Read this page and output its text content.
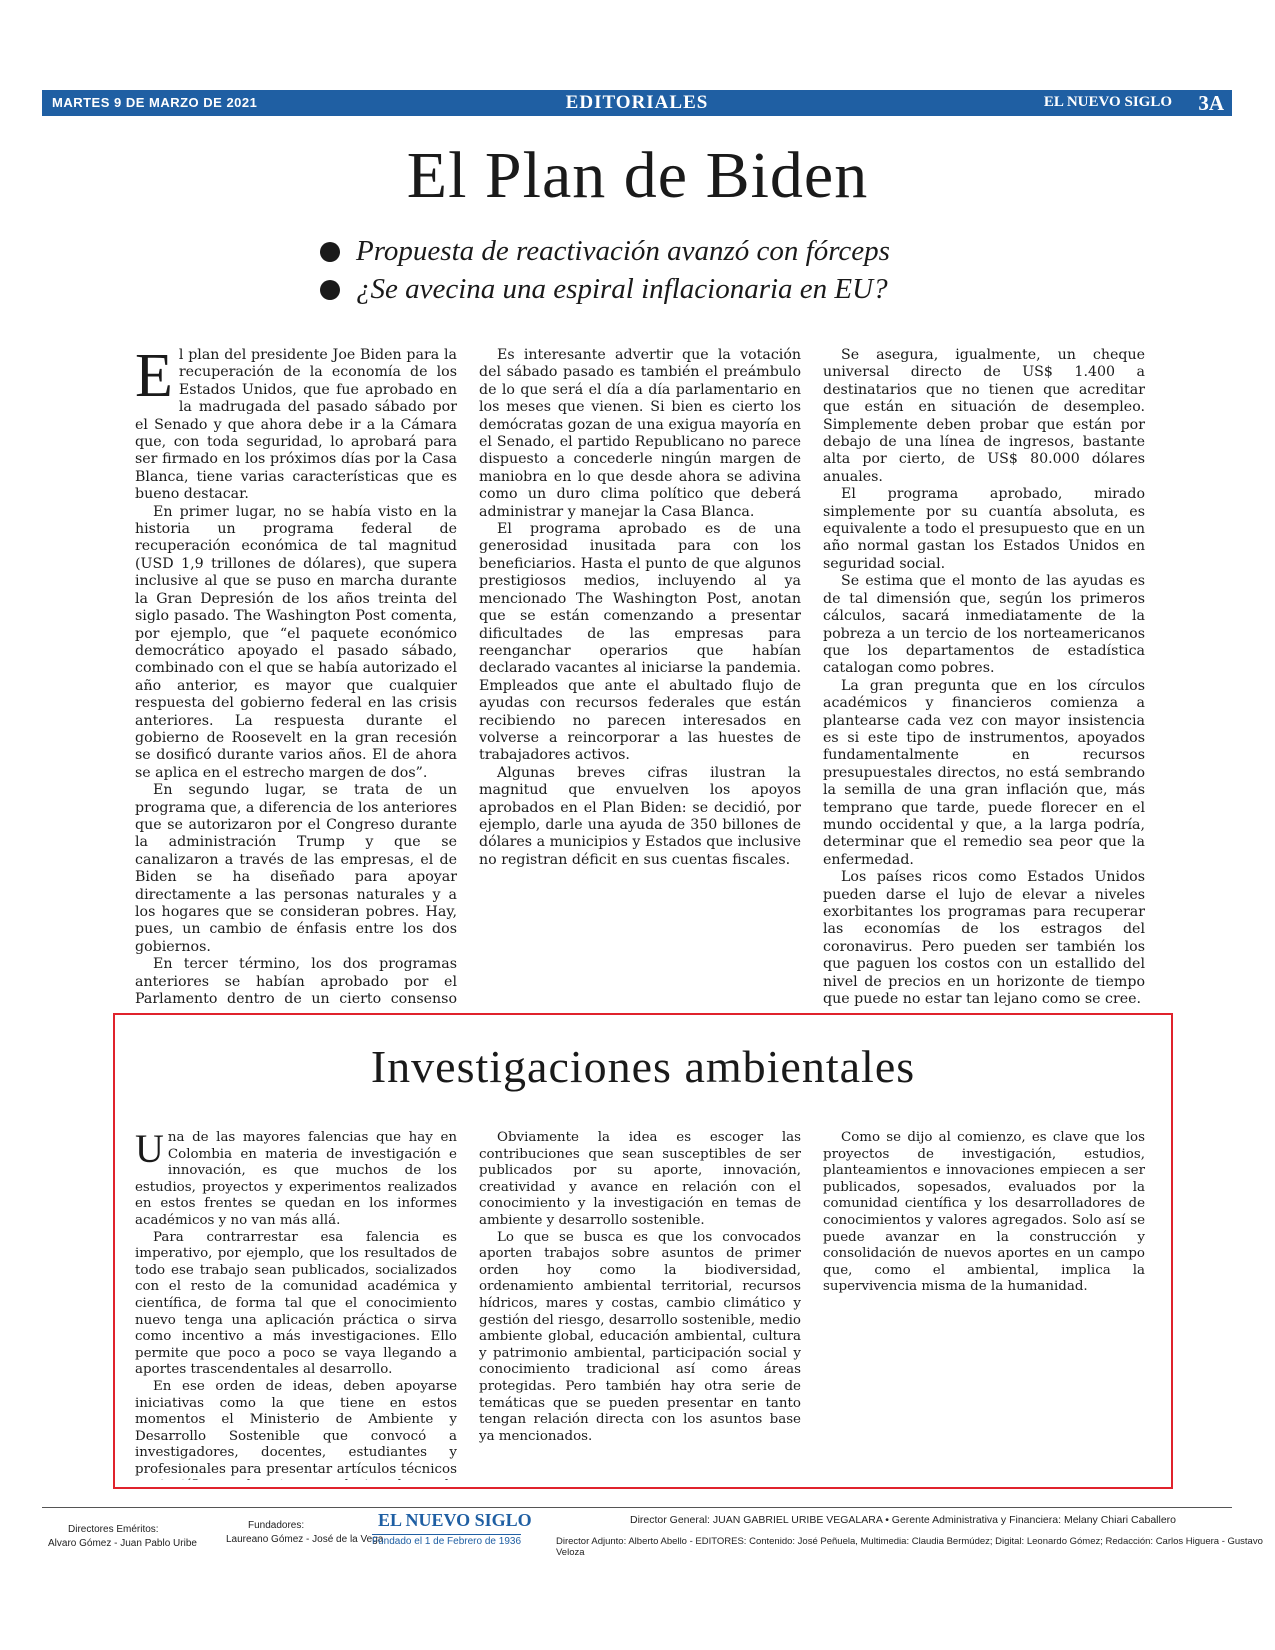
MARTES 9 DE MARZO DE 2021	EDITORIALES	EL NUEVO SIGLO 3A
El Plan de Biden
Propuesta de reactivación avanzó con fórceps
¿Se avecina una espiral inflacionaria en EU?

El plan del presidente Joe Biden para la recuperación de la economía de los Estados Unidos, que fue aprobado en la madrugada del pasado sábado por el Senado y que ahora debe ir a la Cámara que, con toda seguridad, lo aprobará para ser firmado en los próximos días por la Casa Blanca, tiene varias características que es bueno destacar.

En primer lugar, no se había visto en la historia un programa federal de recuperación económica de tal magnitud (USD 1,9 trillones de dólares), que supera inclusive al que se puso en marcha durante la Gran Depresión de los años treinta del siglo pasado. The Washington Post comenta, por ejemplo, que “el paquete económico democrático apoyado el pasado sábado, combinado con el que se había autorizado el año anterior, es mayor que cualquier respuesta del gobierno federal en las crisis anteriores. La respuesta durante el gobierno de Roosevelt en la gran recesión se dosificó durante varios años. El de ahora se aplica en el estrecho margen de dos”.

En segundo lugar, se trata de un programa que, a diferencia de los anteriores que se autorizaron por el Congreso durante la administración Trump y que se canalizaron a través de las empresas, el de Biden se ha diseñado para apoyar directamente a las personas naturales y a los hogares que se consideran pobres. Hay, pues, un cambio de énfasis entre los dos gobiernos.

En tercer término, los dos programas anteriores se habían aprobado por el Parlamento dentro de un cierto consenso

Es interesante advertir que la votación del sábado pasado es también el preámbulo de lo que será el día a día parlamentario en los meses que vienen. Si bien es cierto los demócratas gozan de una exigua mayoría en el Senado, el partido Republicano no parece dispuesto a concederle ningún margen de maniobra en lo que desde ahora se adivina como un duro clima político que deberá administrar y manejar la Casa Blanca.

El programa aprobado es de una generosidad inusitada para con los beneficiarios. Hasta el punto de que algunos prestigiosos medios, incluyendo al ya mencionado The Washington Post, anotan que se están comenzando a presentar dificultades de las empresas para reenganchar operarios que habían declarado vacantes al iniciarse la pandemia. Empleados que ante el abultado flujo de ayudas con recursos federales que están recibiendo no parecen interesados en volverse a reincorporar a las huestes de trabajadores activos.

Algunas breves cifras ilustran la magnitud que envuelven los apoyos aprobados en el Plan Biden: se decidió, por ejemplo, darle una ayuda de 350 billones de dólares a municipios y Estados que inclusive no registran déficit en sus cuentas fiscales.

Se asegura, igualmente, un cheque universal directo de US$ 1.400 a destinatarios que no tienen que acreditar que están en situación de desempleo. Simplemente deben probar que están por debajo de una línea de ingresos, bastante alta por cierto, de US$ 80.000 dólares anuales.

El programa aprobado, mirado simplemente por su cuantía absoluta, es equivalente a todo el presupuesto que en un año normal gastan los Estados Unidos en seguridad social.

Se estima que el monto de las ayudas es de tal dimensión que, según los primeros cálculos, sacará inmediatamente de la pobreza a un tercio de los norteamericanos que los departamentos de estadística catalogan como pobres.

La gran pregunta que en los círculos académicos y financieros comienza a plantearse cada vez con mayor insistencia es si este tipo de instrumentos, apoyados fundamentalmente en recursos presupuestales directos, no está sembrando la semilla de una gran inflación que, más temprano que tarde, puede florecer en el mundo occidental y que, a la larga podría, determinar que el remedio sea peor que la enfermedad.

Los países ricos como Estados Unidos pueden darse el lujo de elevar a niveles exorbitantes los programas para recuperar las economías de los estragos del coronavirus. Pero pueden ser también los que paguen los costos con un estallido del nivel de precios en un horizonte de tiempo que puede no estar tan lejano como se cree.

Investigaciones ambientales

Una de las mayores falencias que hay en Colombia en materia de investigación e innovación, es que muchos de los estudios, proyectos y experimentos realizados en estos frentes se quedan en los informes académicos y no van más allá.

Para contrarrestar esa falencia es imperativo, por ejemplo, que los resultados de todo ese trabajo sean publicados, socializados con el resto de la comunidad académica y científica, de forma tal que el conocimiento nuevo tenga una aplicación práctica o sirva como incentivo a más investigaciones. Ello permite que poco a poco se vaya llegando a aportes trascendentales al desarrollo.

En ese orden de ideas, deben apoyarse iniciativas como la que tiene en estos momentos el Ministerio de Ambiente y Desarrollo Sostenible que convocó a investigadores, docentes, estudiantes y profesionales para presentar artículos técnicos

Obviamente la idea es escoger las contribuciones que sean susceptibles de ser publicados por su aporte, innovación, creatividad y avance en relación con el conocimiento y la investigación en temas de ambiente y desarrollo sostenible.

Lo que se busca es que los convocados aporten trabajos sobre asuntos de primer orden hoy como la biodiversidad, ordenamiento ambiental territorial, recursos hídricos, mares y costas, cambio climático y gestión del riesgo, desarrollo sostenible, medio ambiente global, educación ambiental, cultura y patrimonio ambiental, participación social y conocimiento tradicional así como áreas protegidas. Pero también hay otra serie de temáticas que se pueden presentar en tanto tengan relación directa con los asuntos base ya mencionados.

Como se dijo al comienzo, es clave que los proyectos de investigación, estudios, planteamientos e innovaciones empiecen a ser publicados, sopesados, evaluados por la comunidad científica y los desarrolladores de conocimientos y valores agregados. Solo así se puede avanzar en la construcción y consolidación de nuevos aportes en un campo que, como el ambiental, implica la supervivencia misma de la humanidad.

Directores Eméritos:
Alvaro Gómez - Juan Pablo Uribe
Fundadores:
Laureano Gómez - José de la Vega
EL NUEVO SIGLO
Fundado el 1 de Febrero de 1936
Director General: JUAN GABRIEL URIBE VEGALARA • Gerente Administrativa y Financiera: Melany Chiari Caballero
Director Adjunto: Alberto Abello - EDITORES: Contenido: José Peñuela, Multimedia: Claudia Bermúdez; Digital: Leonardo Gómez; Redacción: Carlos Higuera - Gustavo Veloza
